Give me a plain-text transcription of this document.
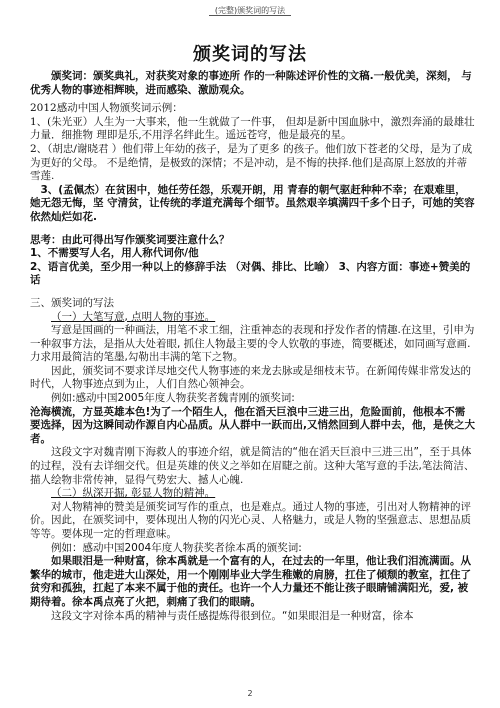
(完整)颁奖词的写法
颁奖词的写法

颁奖词：颁奖典礼，对获奖对象的事迹所 作的一种陈述评价性的文稿.一般优美，深刻， 与优秀人物的事迹相辉映，进而感染、激励观众。

2012感动中国人物颁奖词示例：

1、(朱光亚）人生为一大事来，他一生就做了一件事， 但却是新中国血脉中，激烈奔涌的最雄壮力量．细推物 理即是乐,不用浮名绊此生。遥远苍穹，他是最亮的星。

2、（胡忠/谢晓君 ）他们带上年幼的孩子，是为了更多 的孩子。他们放下苍老的父母，是为了成为更好的父母。 不是绝情，是极致的深情；不是冲动，是不悔的抉择.他们是高原上怒放的并蒂雪莲.

3、(孟佩杰）在贫困中，她任劳任怨，乐观开朗，用 青春的朝气驱赶种种不幸；在艰难里，她无怨无悔，坚 守清贫，让传统的孝道充满每个细节。虽然艰辛填满四千多个日子，可她的笑容依然灿烂如花.

思考：由此可得出写作颁奖词要注意什么？

1、不需要写人名，用人称代词你/他

2、语言优美，至少用一种以上的修辞手法 （对偶、排比、比喻） 3、内容方面：事迹+赞美的话

三、颁奖词的写法

（一）大笔写意, 点明人物的事迹。

写意是国画的一种画法，用笔不求工细，注重神态的表现和抒发作者的情趣.在这里，引申为一种叙事方法，是指从大处着眼, 抓住人物最主要的令人钦敬的事迹，简要概述，如同画写意画.力求用最简洁的笔墨,勾勒出丰满的笔下之物。

因此，颁奖词不要求详尽地交代人物事迹的来龙去脉或是细枝末节。在新闻传媒非常发达的时代，人物事迹点到为止，人们自然心领神会。

例如:感动中国2005年度人物获奖者魏青刚的颁奖词:

沧海横流，方显英雄本色!为了一个陌生人，他在滔天巨浪中三进三出，危险面前，他根本不需要选择，因为这瞬间动作源自内心品质。从人群中一跃而出,又悄然回到人群中去，他，是侠之大者。

这段文字对魏青刚下海救人的事迹介绍，就是简洁的“他在滔天巨浪中三进三出”，至于具体的过程，没有去详细交代。但是英雄的侠义之举如在眉睫之前。这种大笔写意的手法,笔法简洁、描人绘物非常传神，显得气势宏大、撼人心魄.

（二）纵深开掘, 彰显人物的精神。

对人物精神的赞美是颁奖词写作的重点，也是难点。通过人物的事迹，引出对人物精神的评价。因此，在颁奖词中，要体现出人物的闪光心灵、人格魅力，或是人物的坚强意志、思想品质等等。要体现一定的哲理意味。

例如：感动中国2004年度人物获奖者徐本禹的颁奖词:

如果眼泪是一种财富，徐本禹就是一个富有的人，在过去的一年里，他让我们泪流满面。从繁华的城市，他走进大山深处，用一个刚刚毕业大学生稚嫩的肩膀，扛住了倾颓的教室，扛住了贫穷和孤独，扛起了本来不属于他的责任。也许一个人力量还不能让孩子眼睛铺满阳光，爱, 被期待着。徐本禹点亮了火把，刺痛了我们的眼睛。

这段文字对徐本禹的精神与责任感提炼得很到位。“如果眼泪是一种财富，徐本

2
